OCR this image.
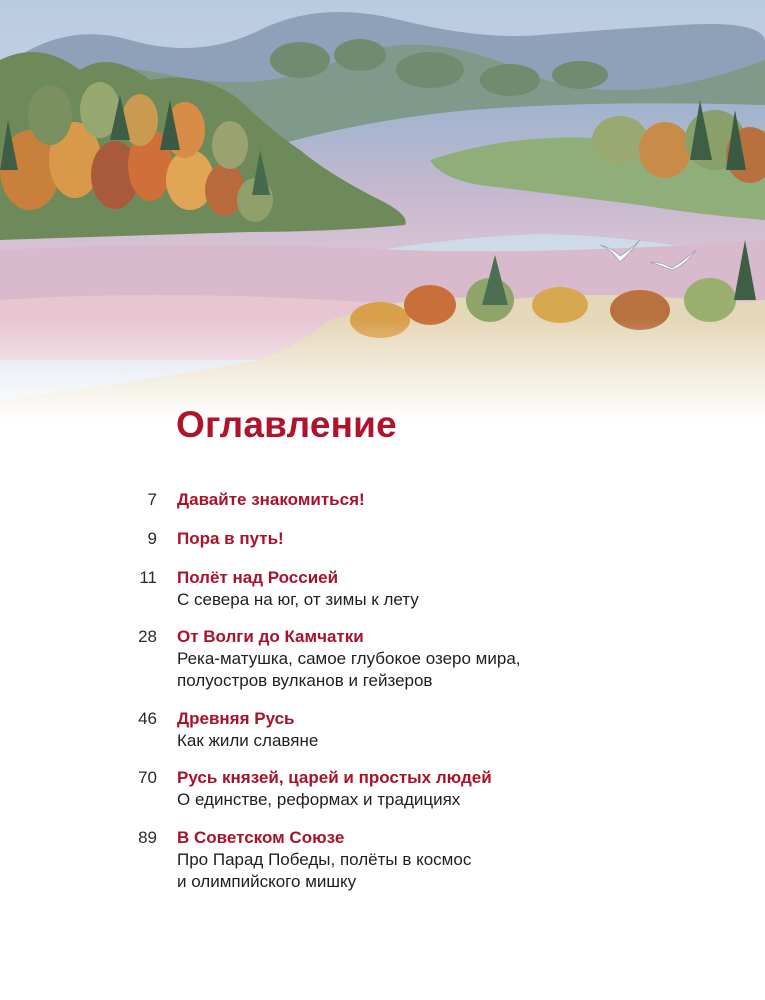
Оглавление
7 Давайте знакомиться!
9 Пора в путь!
11 Полёт над Россией
С севера на юг, от зимы к лету
28 От Волги до Камчатки
Река-матушка, самое глубокое озеро мира,
полуостров вулканов и гейзеров
46 Древняя Русь
Как жили славяне
70 Русь князей, царей и простых людей
О единстве, реформах и традициях
89 В Советском Союзе
Про Парад Победы, полёты в космос
и олимпийского мишку
